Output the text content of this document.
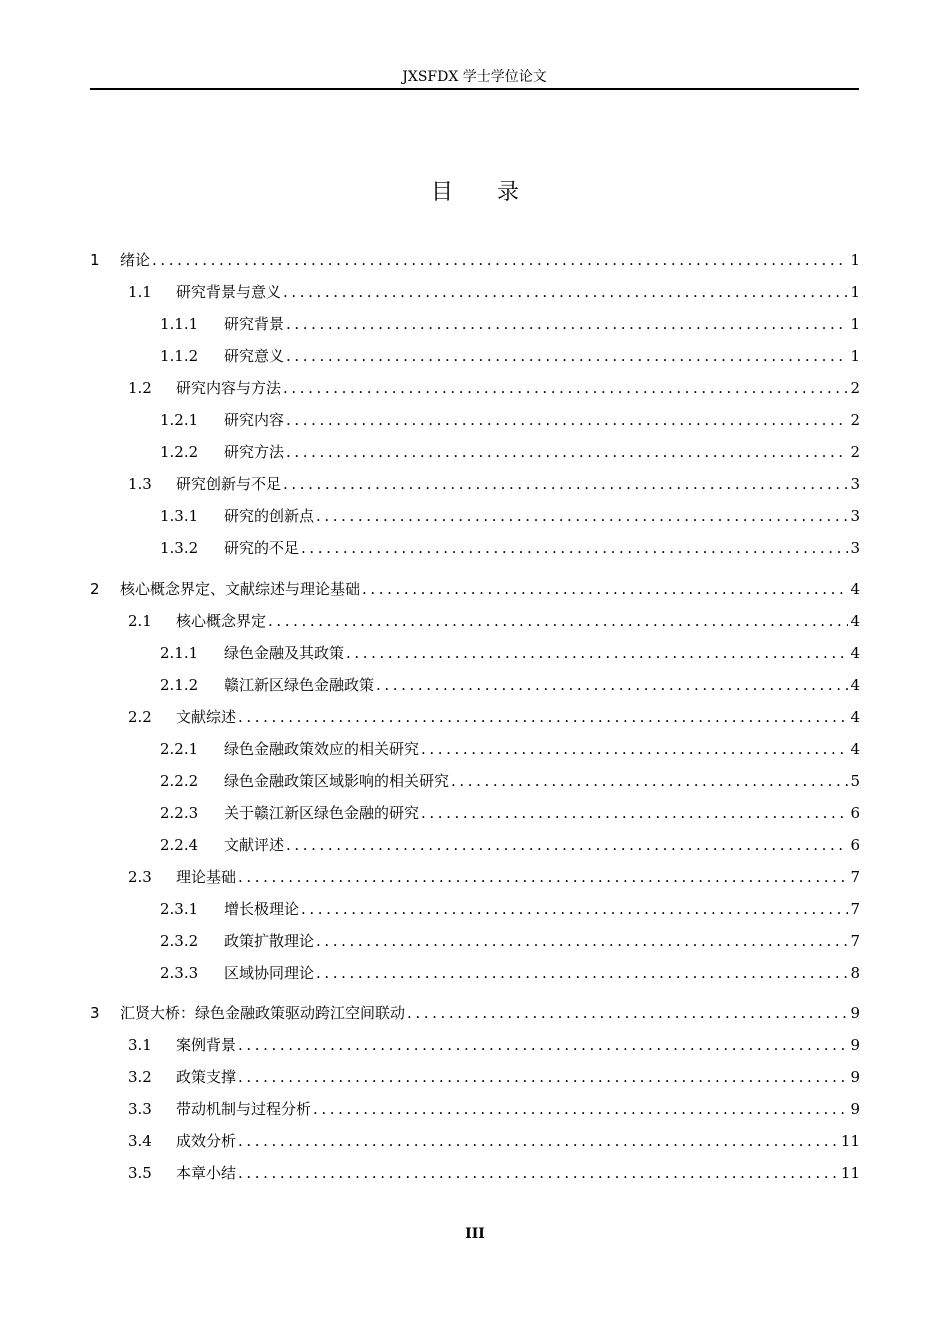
JXSFDX 学士学位论文
目录
1	绪论 .....	1
1.1	研究背景与意义 .....	1
1.1.1	研究背景 .....	1
1.1.2	研究意义 .....	1
1.2	研究内容与方法 .....	2
1.2.1	研究内容 .....	2
1.2.2	研究方法 .....	2
1.3	研究创新与不足 .....	3
1.3.1	研究的创新点 .....	3
1.3.2	研究的不足 .....	3
2	核心概念界定、文献综述与理论基础 .....	4
2.1	核心概念界定 .....	4
2.1.1	绿色金融及其政策 .....	4
2.1.2	赣江新区绿色金融政策 .....	4
2.2	文献综述 .....	4
2.2.1	绿色金融政策效应的相关研究 .....	4
2.2.2	绿色金融政策区域影响的相关研究 .....	5
2.2.3	关于赣江新区绿色金融的研究 .....	6
2.2.4	文献评述 .....	6
2.3	理论基础 .....	7
2.3.1	增长极理论 .....	7
2.3.2	政策扩散理论 .....	7
2.3.3	区域协同理论 .....	8
3	汇贤大桥：绿色金融政策驱动跨江空间联动 .....	9
3.1	案例背景 .....	9
3.2	政策支撑 .....	9
3.3	带动机制与过程分析 .....	9
3.4	成效分析 .....	11
3.5	本章小结 .....	11
III
